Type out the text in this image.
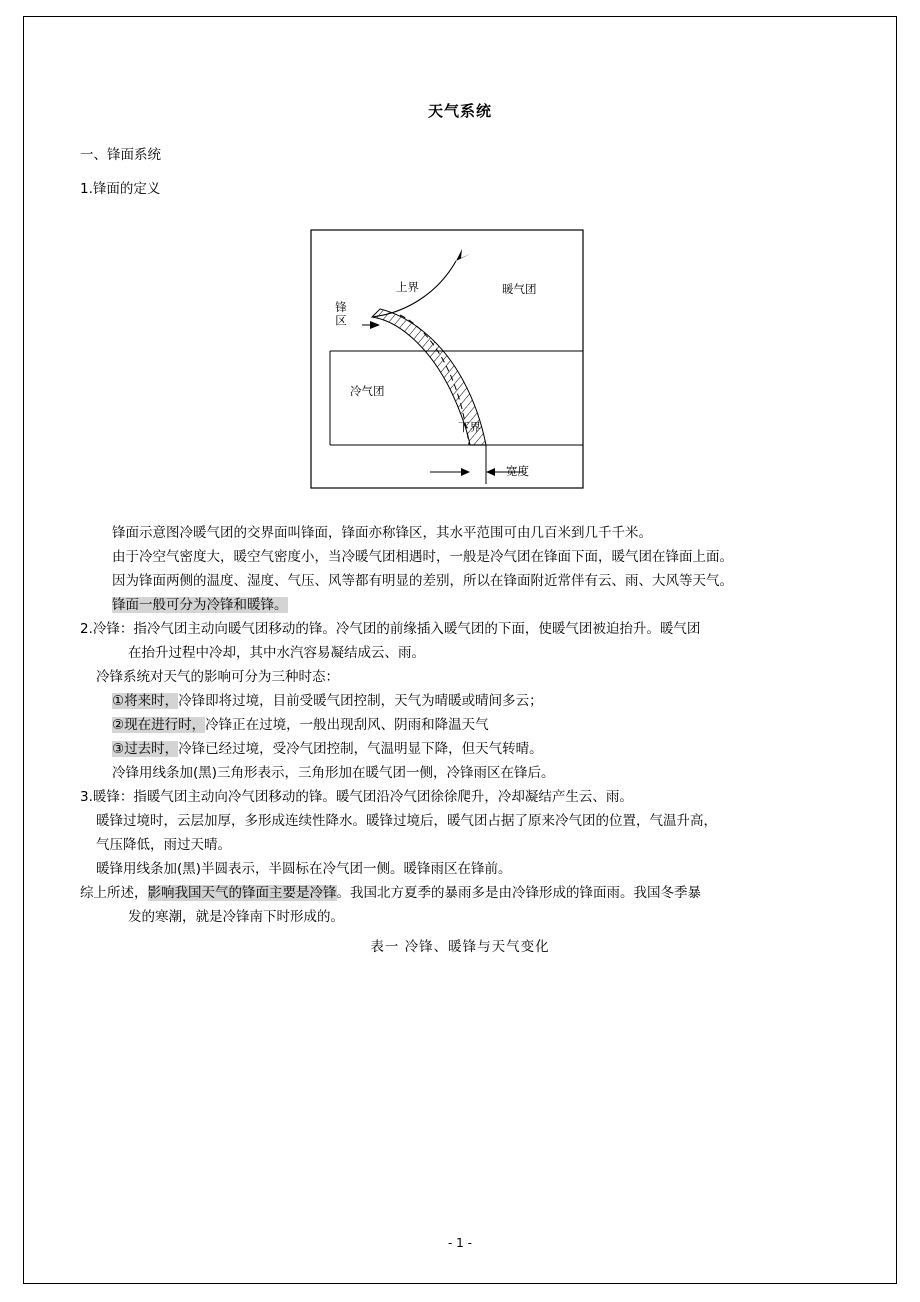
天气系统
一、锋面系统
1.锋面的定义
锋区
上界	暖气团
冷气团
下界
宽度
锋面示意图冷暖气团的交界面叫锋面，锋面亦称锋区，其水平范围可由几百米到几千千米。
由于冷空气密度大，暖空气密度小，当冷暖气团相遇时，一般是冷气团在锋面下面，暖气团在锋面上面。
因为锋面两侧的温度、湿度、气压、风等都有明显的差别，所以在锋面附近常伴有云、雨、大风等天气。
锋面一般可分为冷锋和暖锋。
2.冷锋：指冷气团主动向暖气团移动的锋。冷气团的前缘插入暖气团的下面，使暖气团被迫抬升。暖气团
在抬升过程中冷却，其中水汽容易凝结成云、雨。
冷锋系统对天气的影响可分为三种时态：
①将来时，冷锋即将过境，目前受暖气团控制，天气为晴暖或晴间多云；
②现在进行时，冷锋正在过境，一般出现刮风、阴雨和降温天气
③过去时，冷锋已经过境，受冷气团控制，气温明显下降，但天气转晴。
冷锋用线条加(黑)三角形表示，三角形加在暖气团一侧，冷锋雨区在锋后。
3.暖锋：指暖气团主动向冷气团移动的锋。暖气团沿冷气团徐徐爬升，冷却凝结产生云、雨。
暖锋过境时，云层加厚，多形成连续性降水。暖锋过境后，暖气团占据了原来冷气团的位置，气温升高，
气压降低，雨过天晴。
暖锋用线条加(黑)半圆表示，半圆标在冷气团一侧。暖锋雨区在锋前。
综上所述，影响我国天气的锋面主要是冷锋。我国北方夏季的暴雨多是由冷锋形成的锋面雨。我国冬季暴
发的寒潮，就是冷锋南下时形成的。
表一 冷锋、暖锋与天气变化
- 1 -
